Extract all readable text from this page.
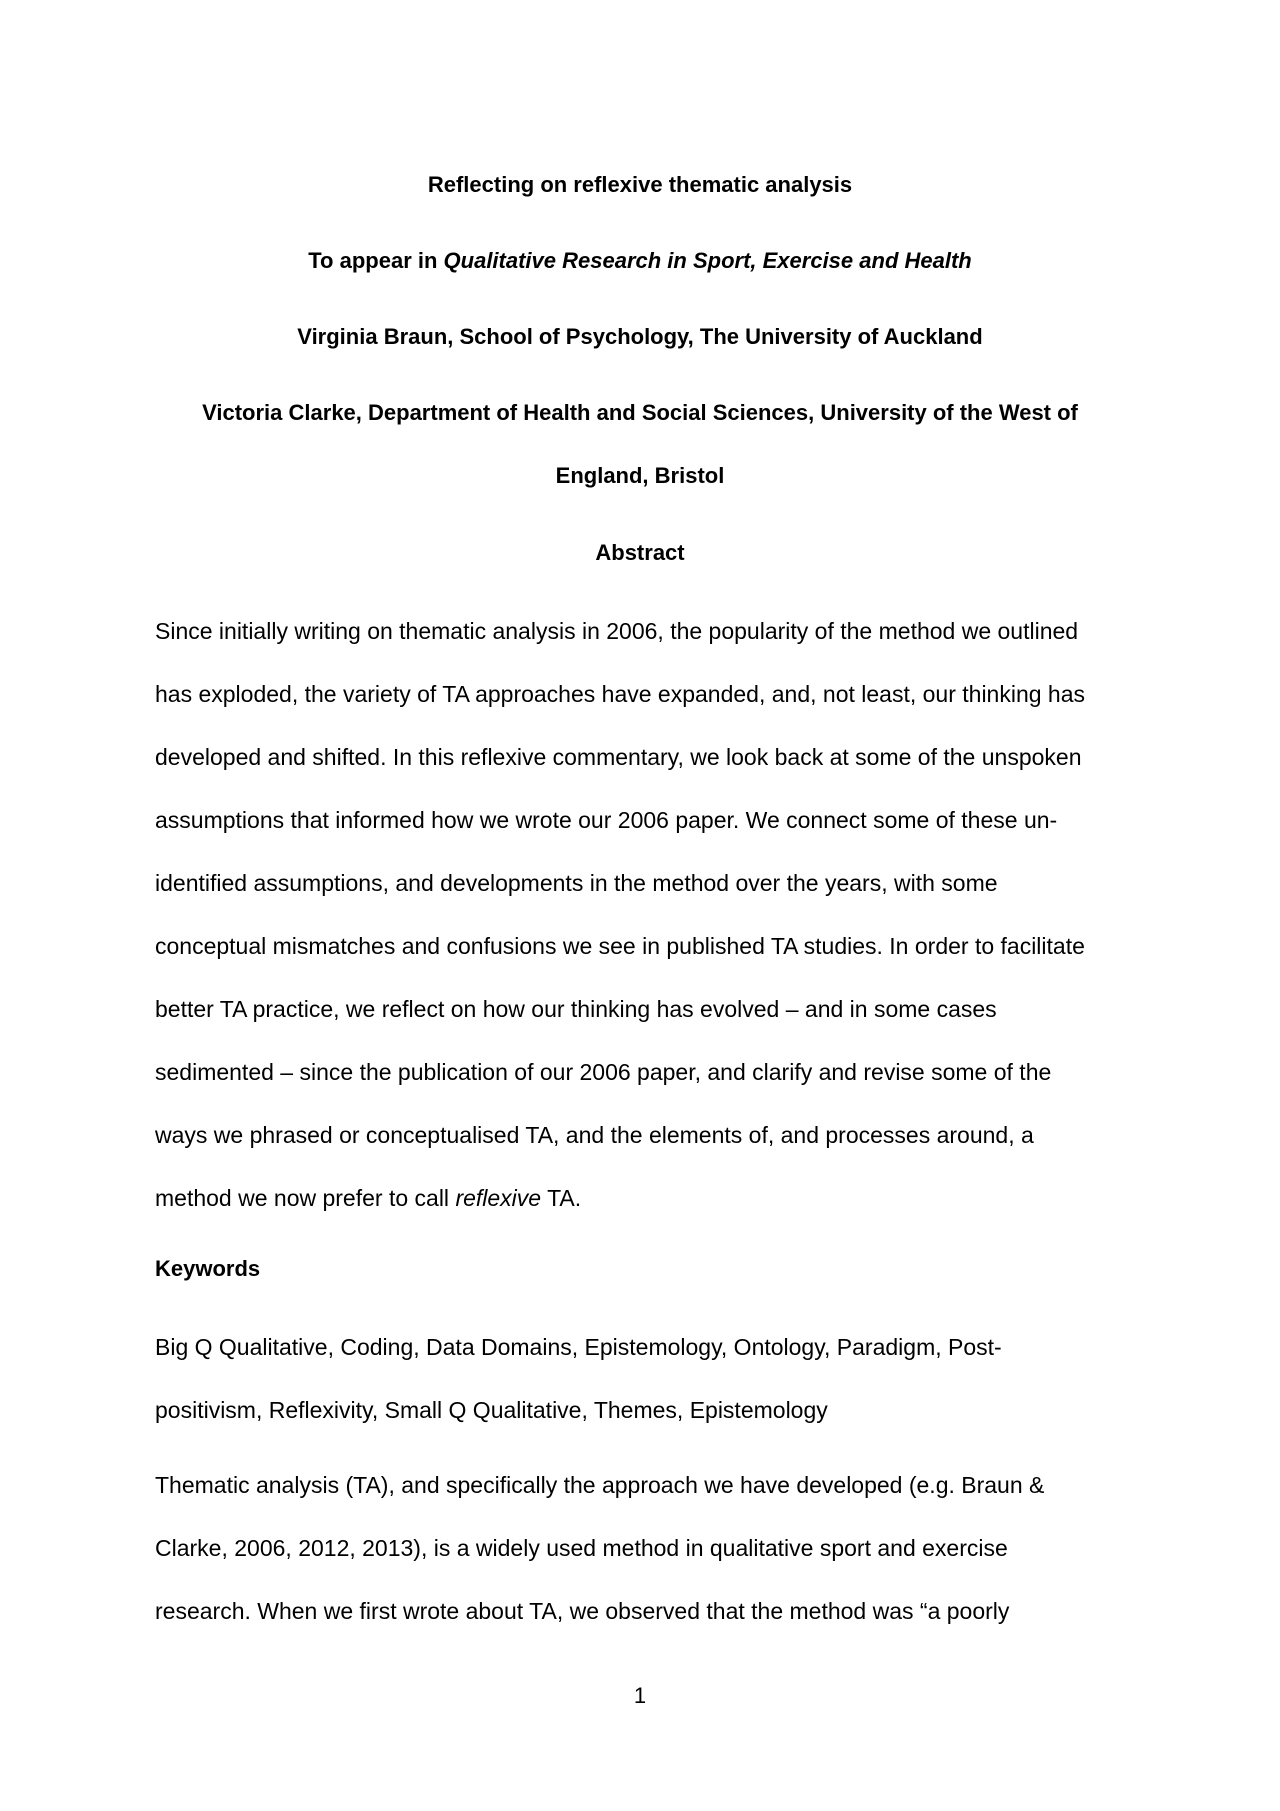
Reflecting on reflexive thematic analysis

To appear in Qualitative Research in Sport, Exercise and Health

Virginia Braun, School of Psychology, The University of Auckland

Victoria Clarke, Department of Health and Social Sciences, University of the West of

England, Bristol

Abstract

Since initially writing on thematic analysis in 2006, the popularity of the method we outlined

has exploded, the variety of TA approaches have expanded, and, not least, our thinking has

developed and shifted. In this reflexive commentary, we look back at some of the unspoken

assumptions that informed how we wrote our 2006 paper. We connect some of these un-

identified assumptions, and developments in the method over the years, with some

conceptual mismatches and confusions we see in published TA studies. In order to facilitate

better TA practice, we reflect on how our thinking has evolved – and in some cases

sedimented – since the publication of our 2006 paper, and clarify and revise some of the

ways we phrased or conceptualised TA, and the elements of, and processes around, a

method we now prefer to call reflexive TA.

Keywords

Big Q Qualitative, Coding, Data Domains, Epistemology, Ontology, Paradigm, Post-

positivism, Reflexivity, Small Q Qualitative, Themes, Epistemology

Thematic analysis (TA), and specifically the approach we have developed (e.g. Braun &

Clarke, 2006, 2012, 2013), is a widely used method in qualitative sport and exercise

research. When we first wrote about TA, we observed that the method was “a poorly

1
